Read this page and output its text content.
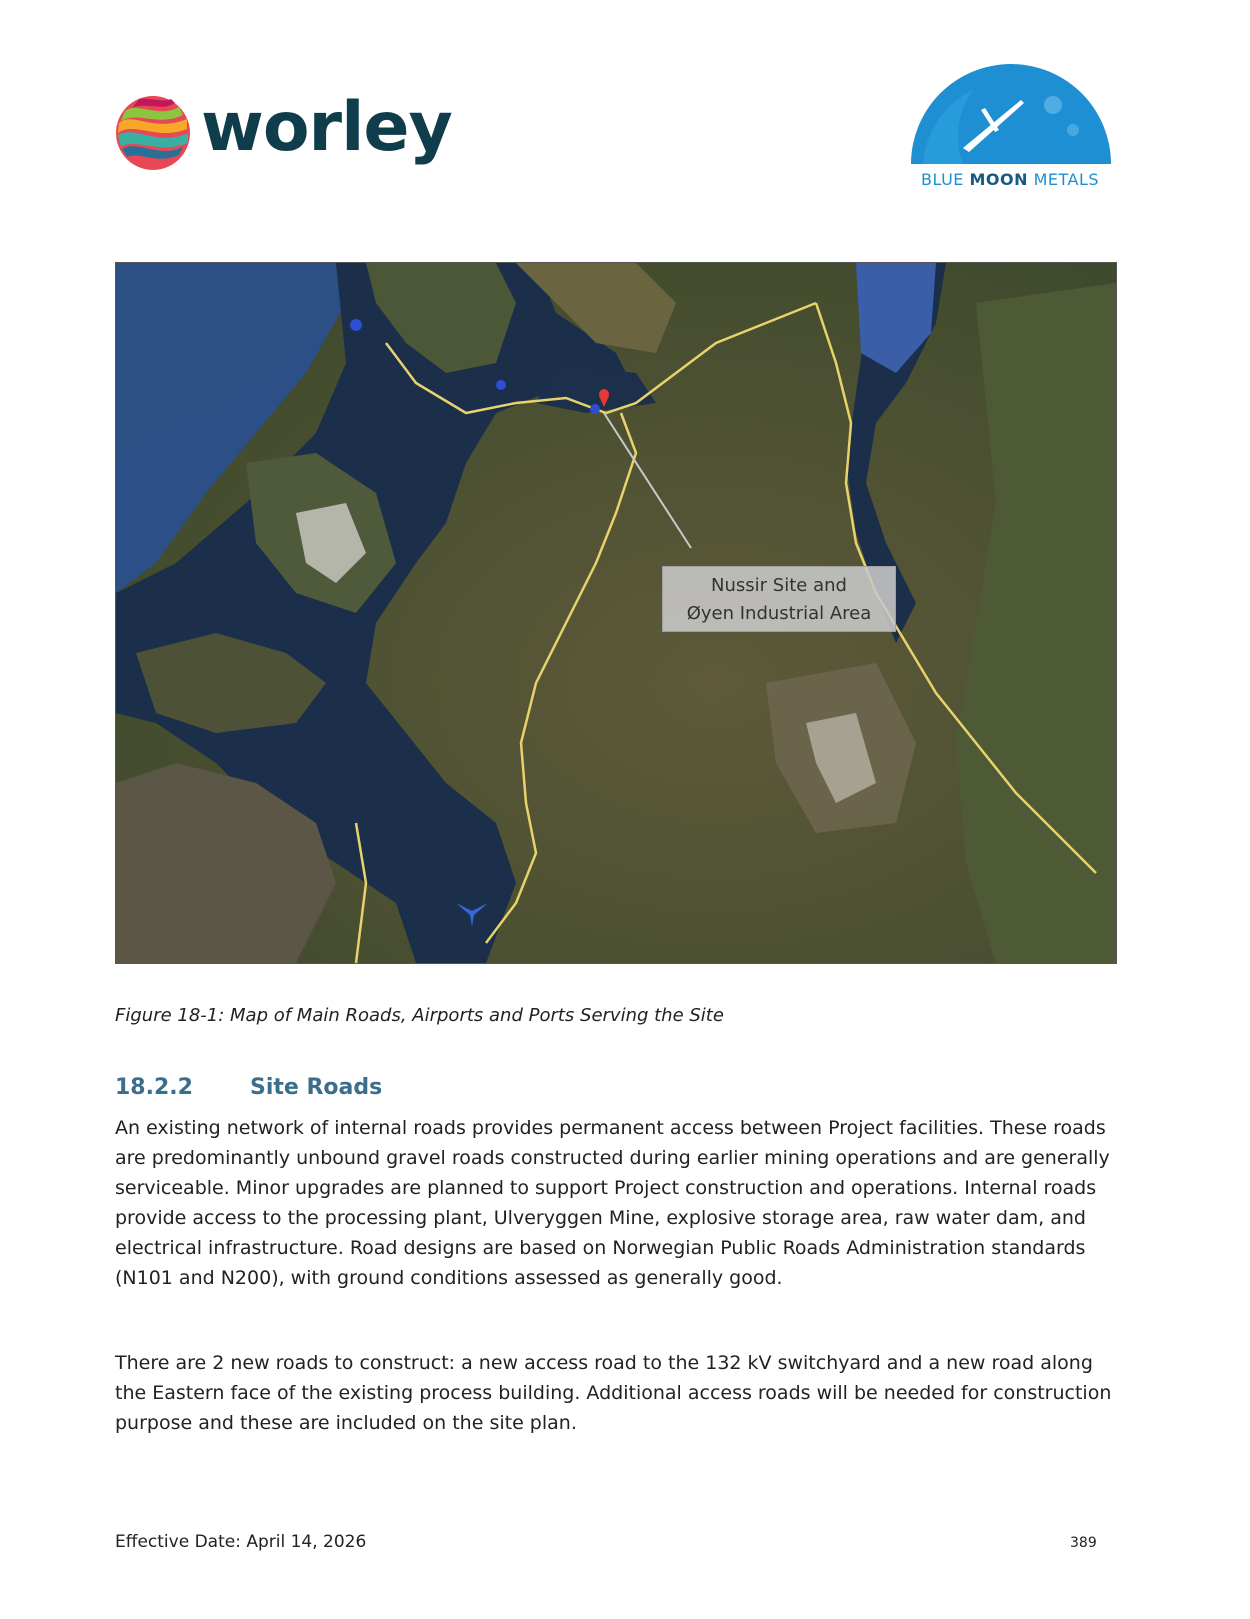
worley
BLUE MOON METALS
Nussir Site and
Øyen Industrial Area
Figure 18-1: Map of Main Roads, Airports and Ports Serving the Site
18.2.2	Site Roads
An existing network of internal roads provides permanent access between Project facilities. These roads are predominantly unbound gravel roads constructed during earlier mining operations and are generally serviceable. Minor upgrades are planned to support Project construction and operations. Internal roads provide access to the processing plant, Ulveryggen Mine, explosive storage area, raw water dam, and electrical infrastructure. Road designs are based on Norwegian Public Roads Administration standards (N101 and N200), with ground conditions assessed as generally good.
There are 2 new roads to construct: a new access road to the 132 kV switchyard and a new road along the Eastern face of the existing process building. Additional access roads will be needed for construction purpose and these are included on the site plan.
Effective Date: April 14, 2026	389
